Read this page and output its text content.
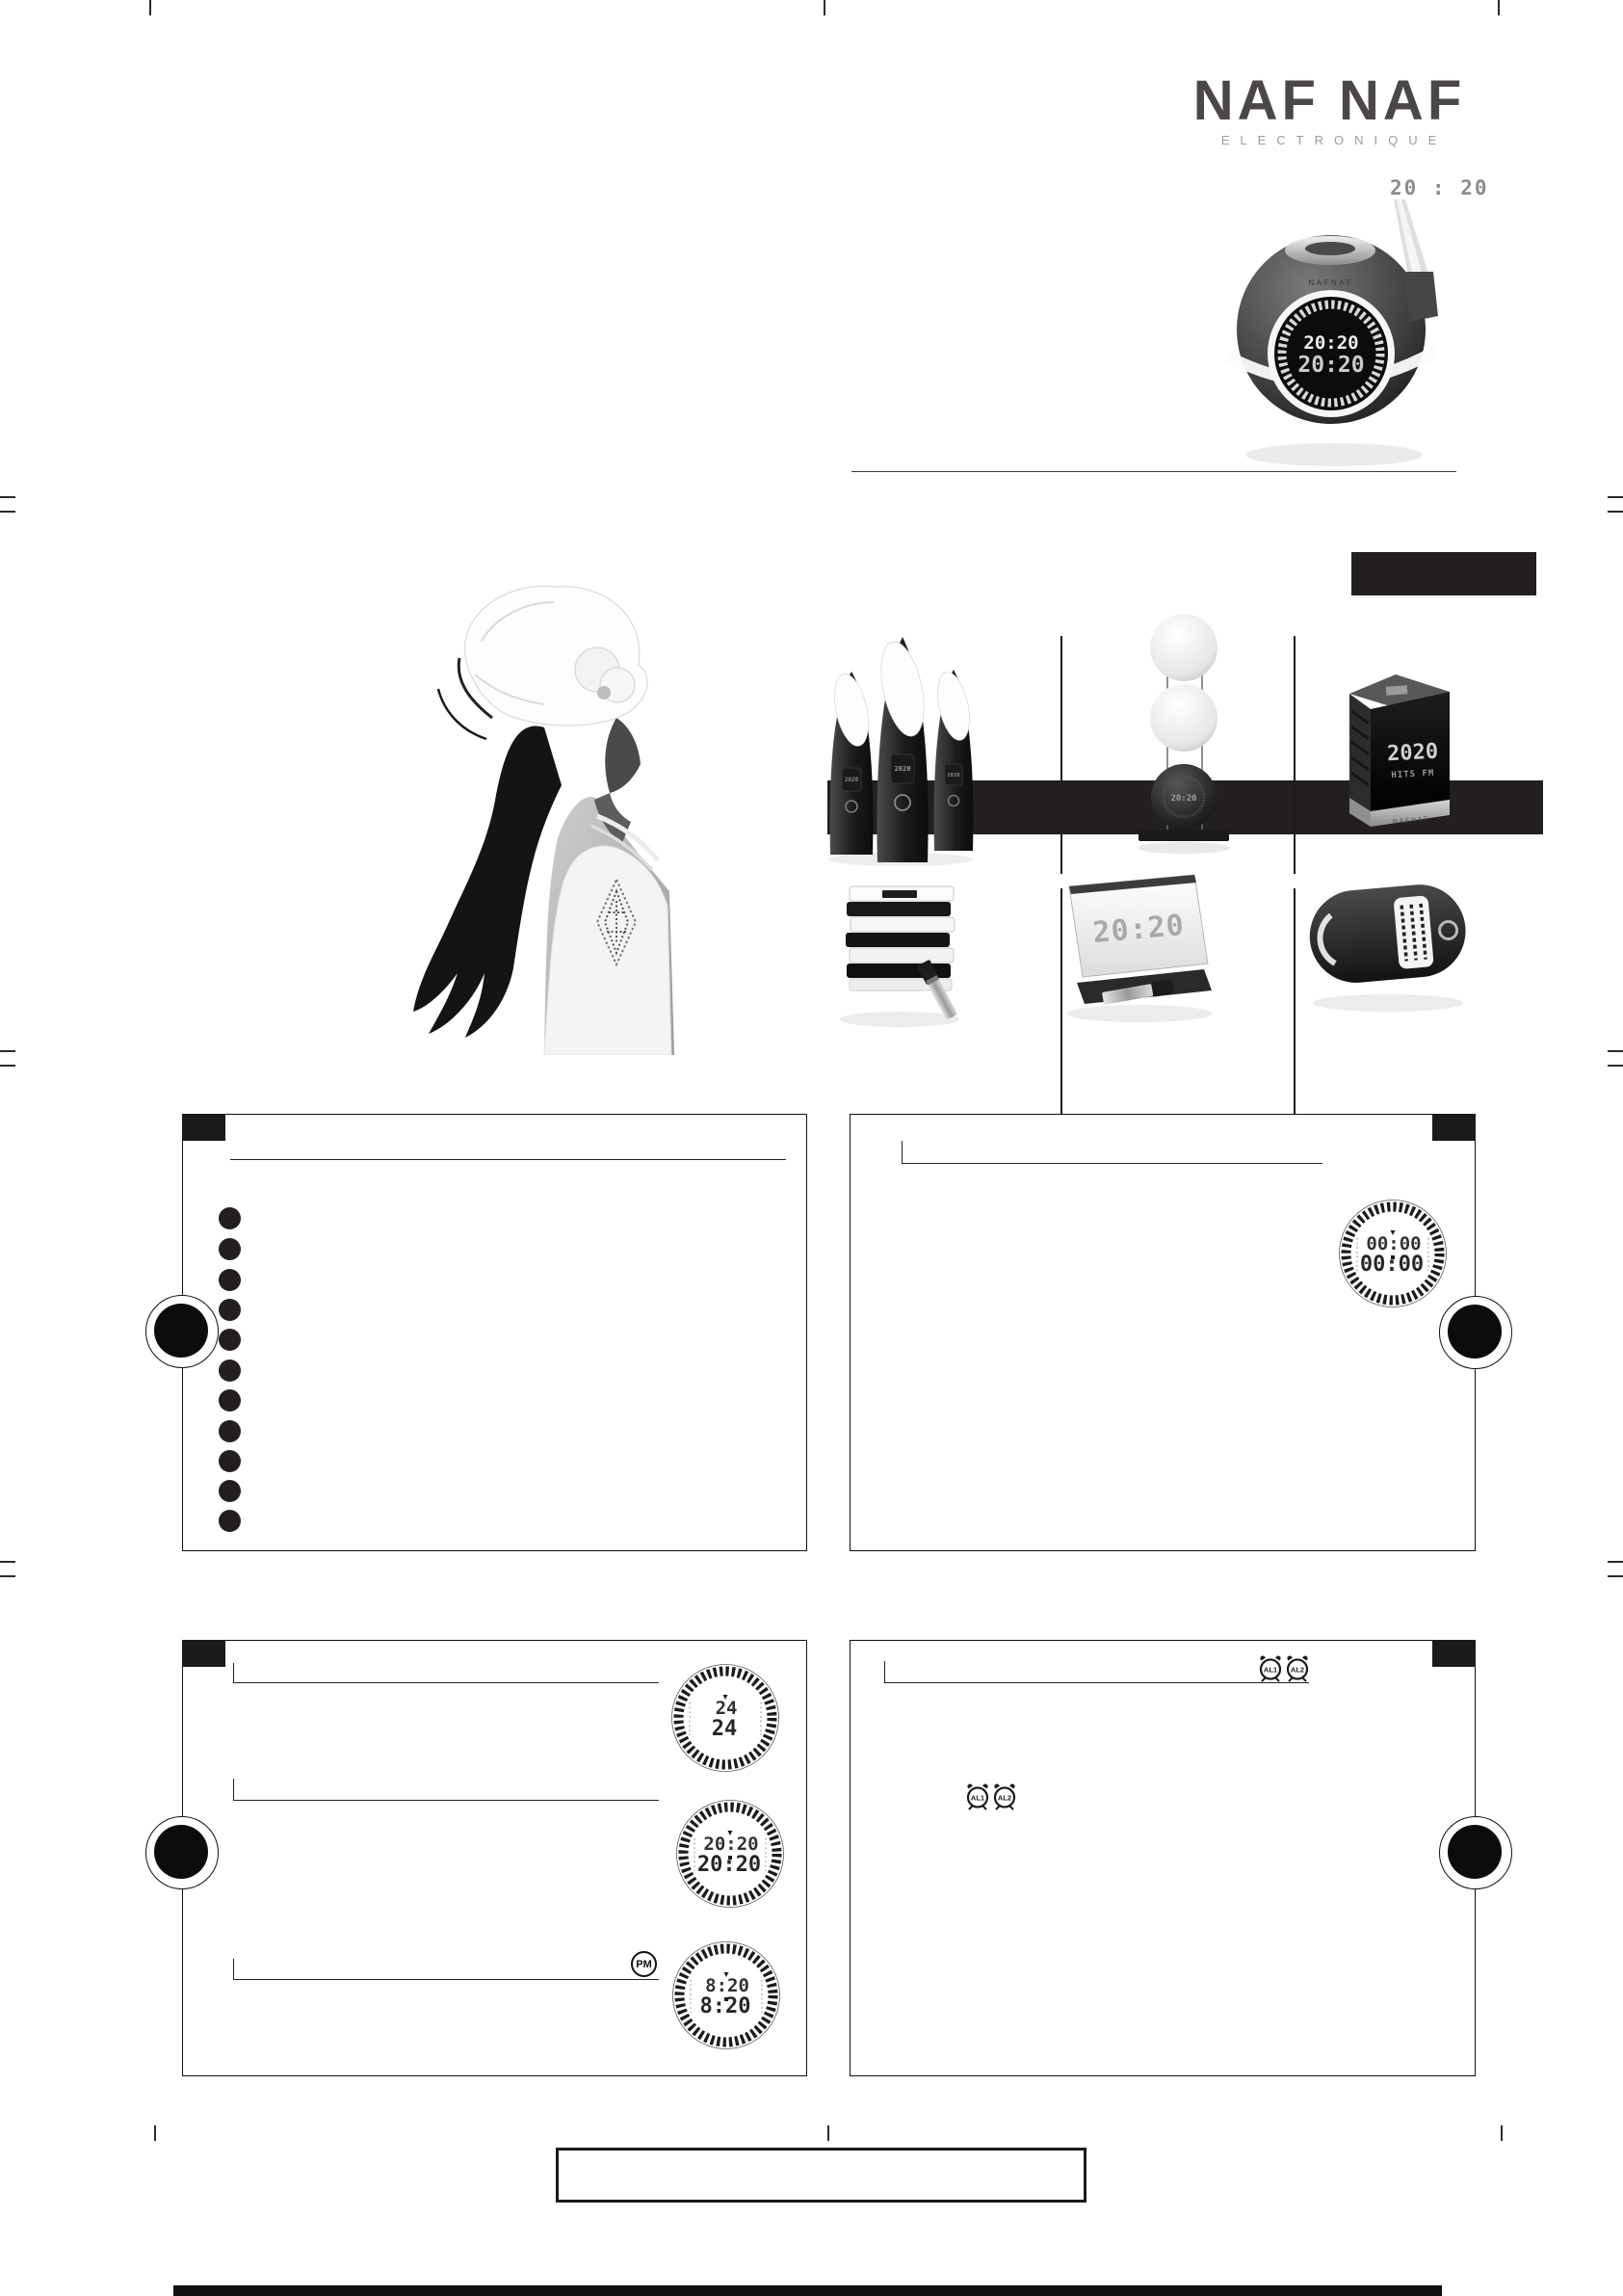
NAF NAF
ELECTRONIQUE
20 : 20
NAFNAF
20:20
20:20
2020
2020
2020
20:20
2020
HITS FM
NAFNAF
20:20
00:00
00:00
24
24
20:20
20:20
8:20
8:20
PM
AL1 AL2
AL1 AL2
